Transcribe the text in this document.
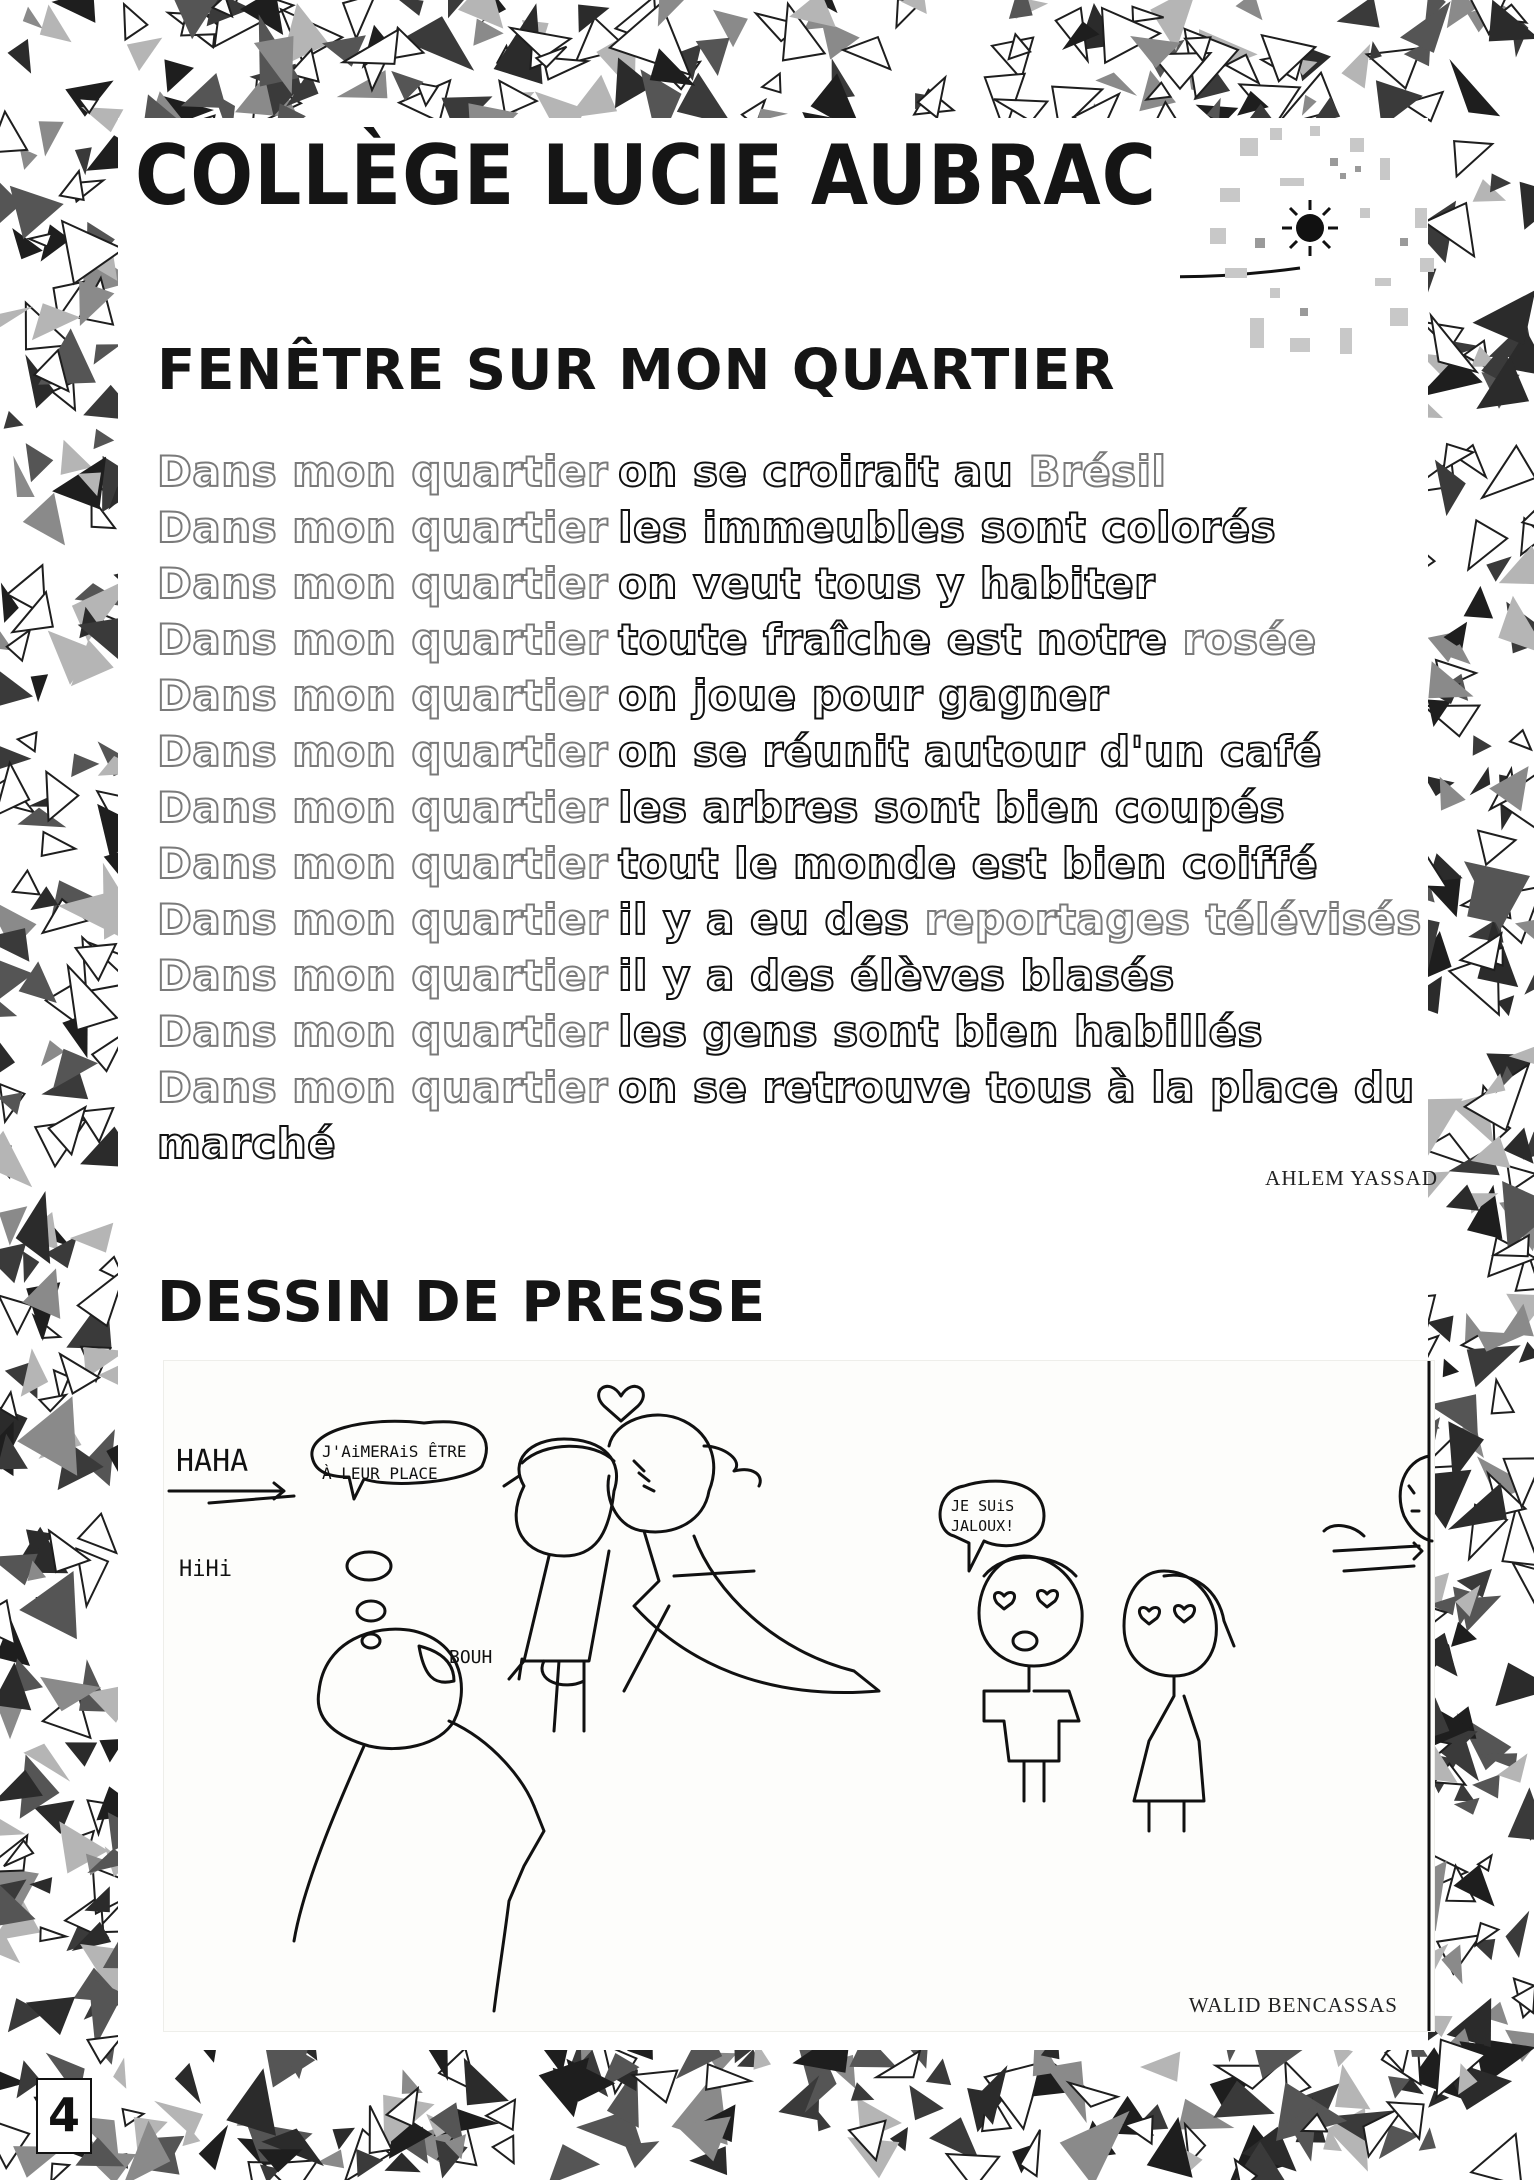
COLLÈGE LUCIE AUBRAC
FENÊTRE SUR MON QUARTIER
Dans mon quartier on se croirait au Brésil
Dans mon quartier les immeubles sont colorés
Dans mon quartier on veut tous y habiter
Dans mon quartier toute fraîche est notre rosée
Dans mon quartier on joue pour gagner
Dans mon quartier on se réunit autour d'un café
Dans mon quartier les arbres sont bien coupés
Dans mon quartier tout le monde est bien coiffé
Dans mon quartier il y a eu des reportages télévisés
Dans mon quartier il y a des élèves blasés
Dans mon quartier les gens sont bien habillés
Dans mon quartier on se retrouve tous à la place du
marché
AHLEM YASSAD
DESSIN DE PRESSE
HAHA
HiHi
J'AiMERAiS ÊTRE
À LEUR PLACE
BOUH
JE SUiS
JALOUX!
WALID BENCASSAS
4
